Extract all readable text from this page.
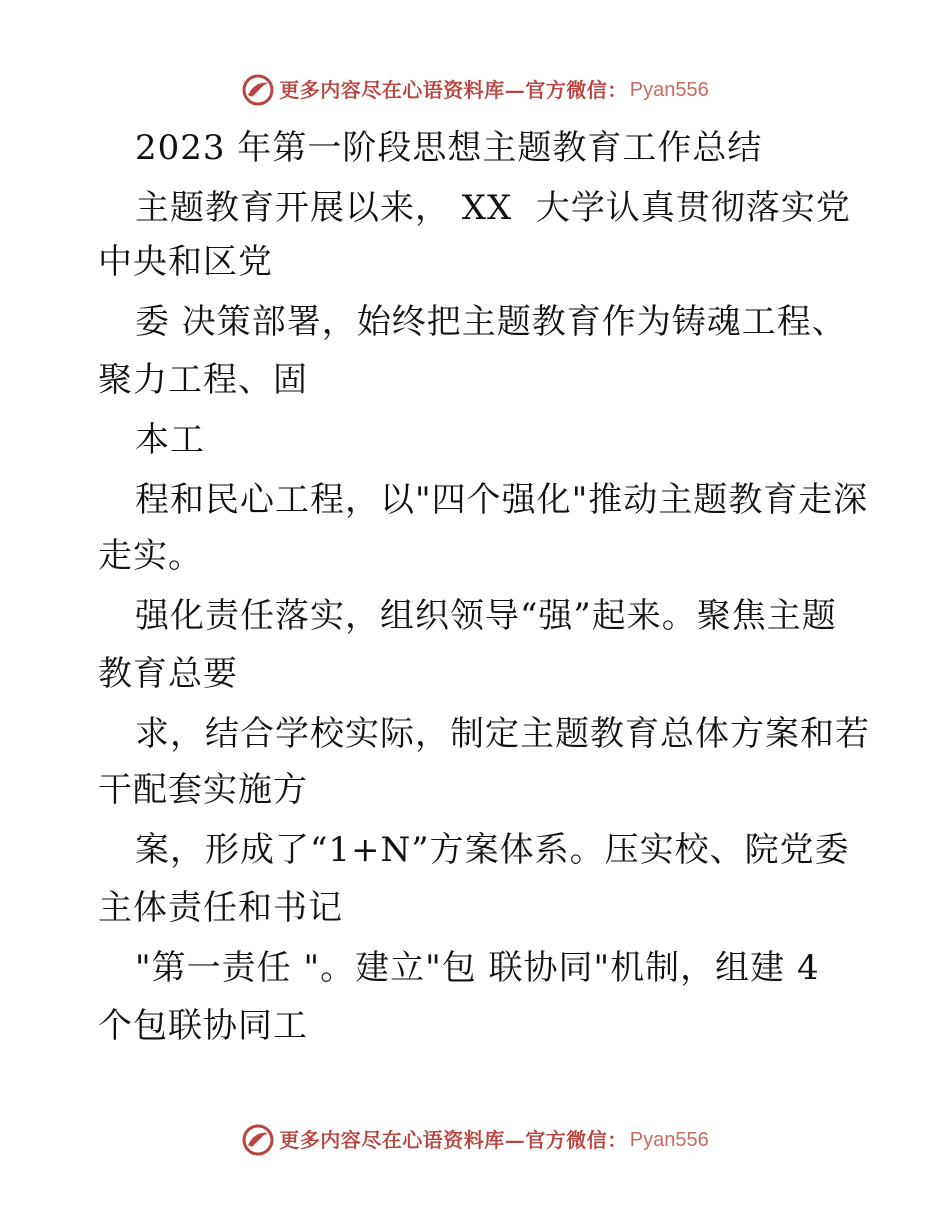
更多内容尽在心语资料库—官方微信： Pyan556
2023 年第一阶段思想主题教育工作总结
主题教育开展以来， XX  大学认真贯彻落实党
中央和区党
委 决策部署，始终把主题教育作为铸魂工程、
聚力工程、固
本工
程和民心工程，以"四个强化"推动主题教育走深
走实。
强化责任落实，组织领导“强”起来。聚焦主题
教育总要
求，结合学校实际，制定主题教育总体方案和若
干配套实施方
案，形成了“1+N”方案体系。压实校、院党委
主体责任和书记
"第一责任 "。建立"包 联协同"机制，组建 4
个包联协同工
更多内容尽在心语资料库—官方微信： Pyan556
